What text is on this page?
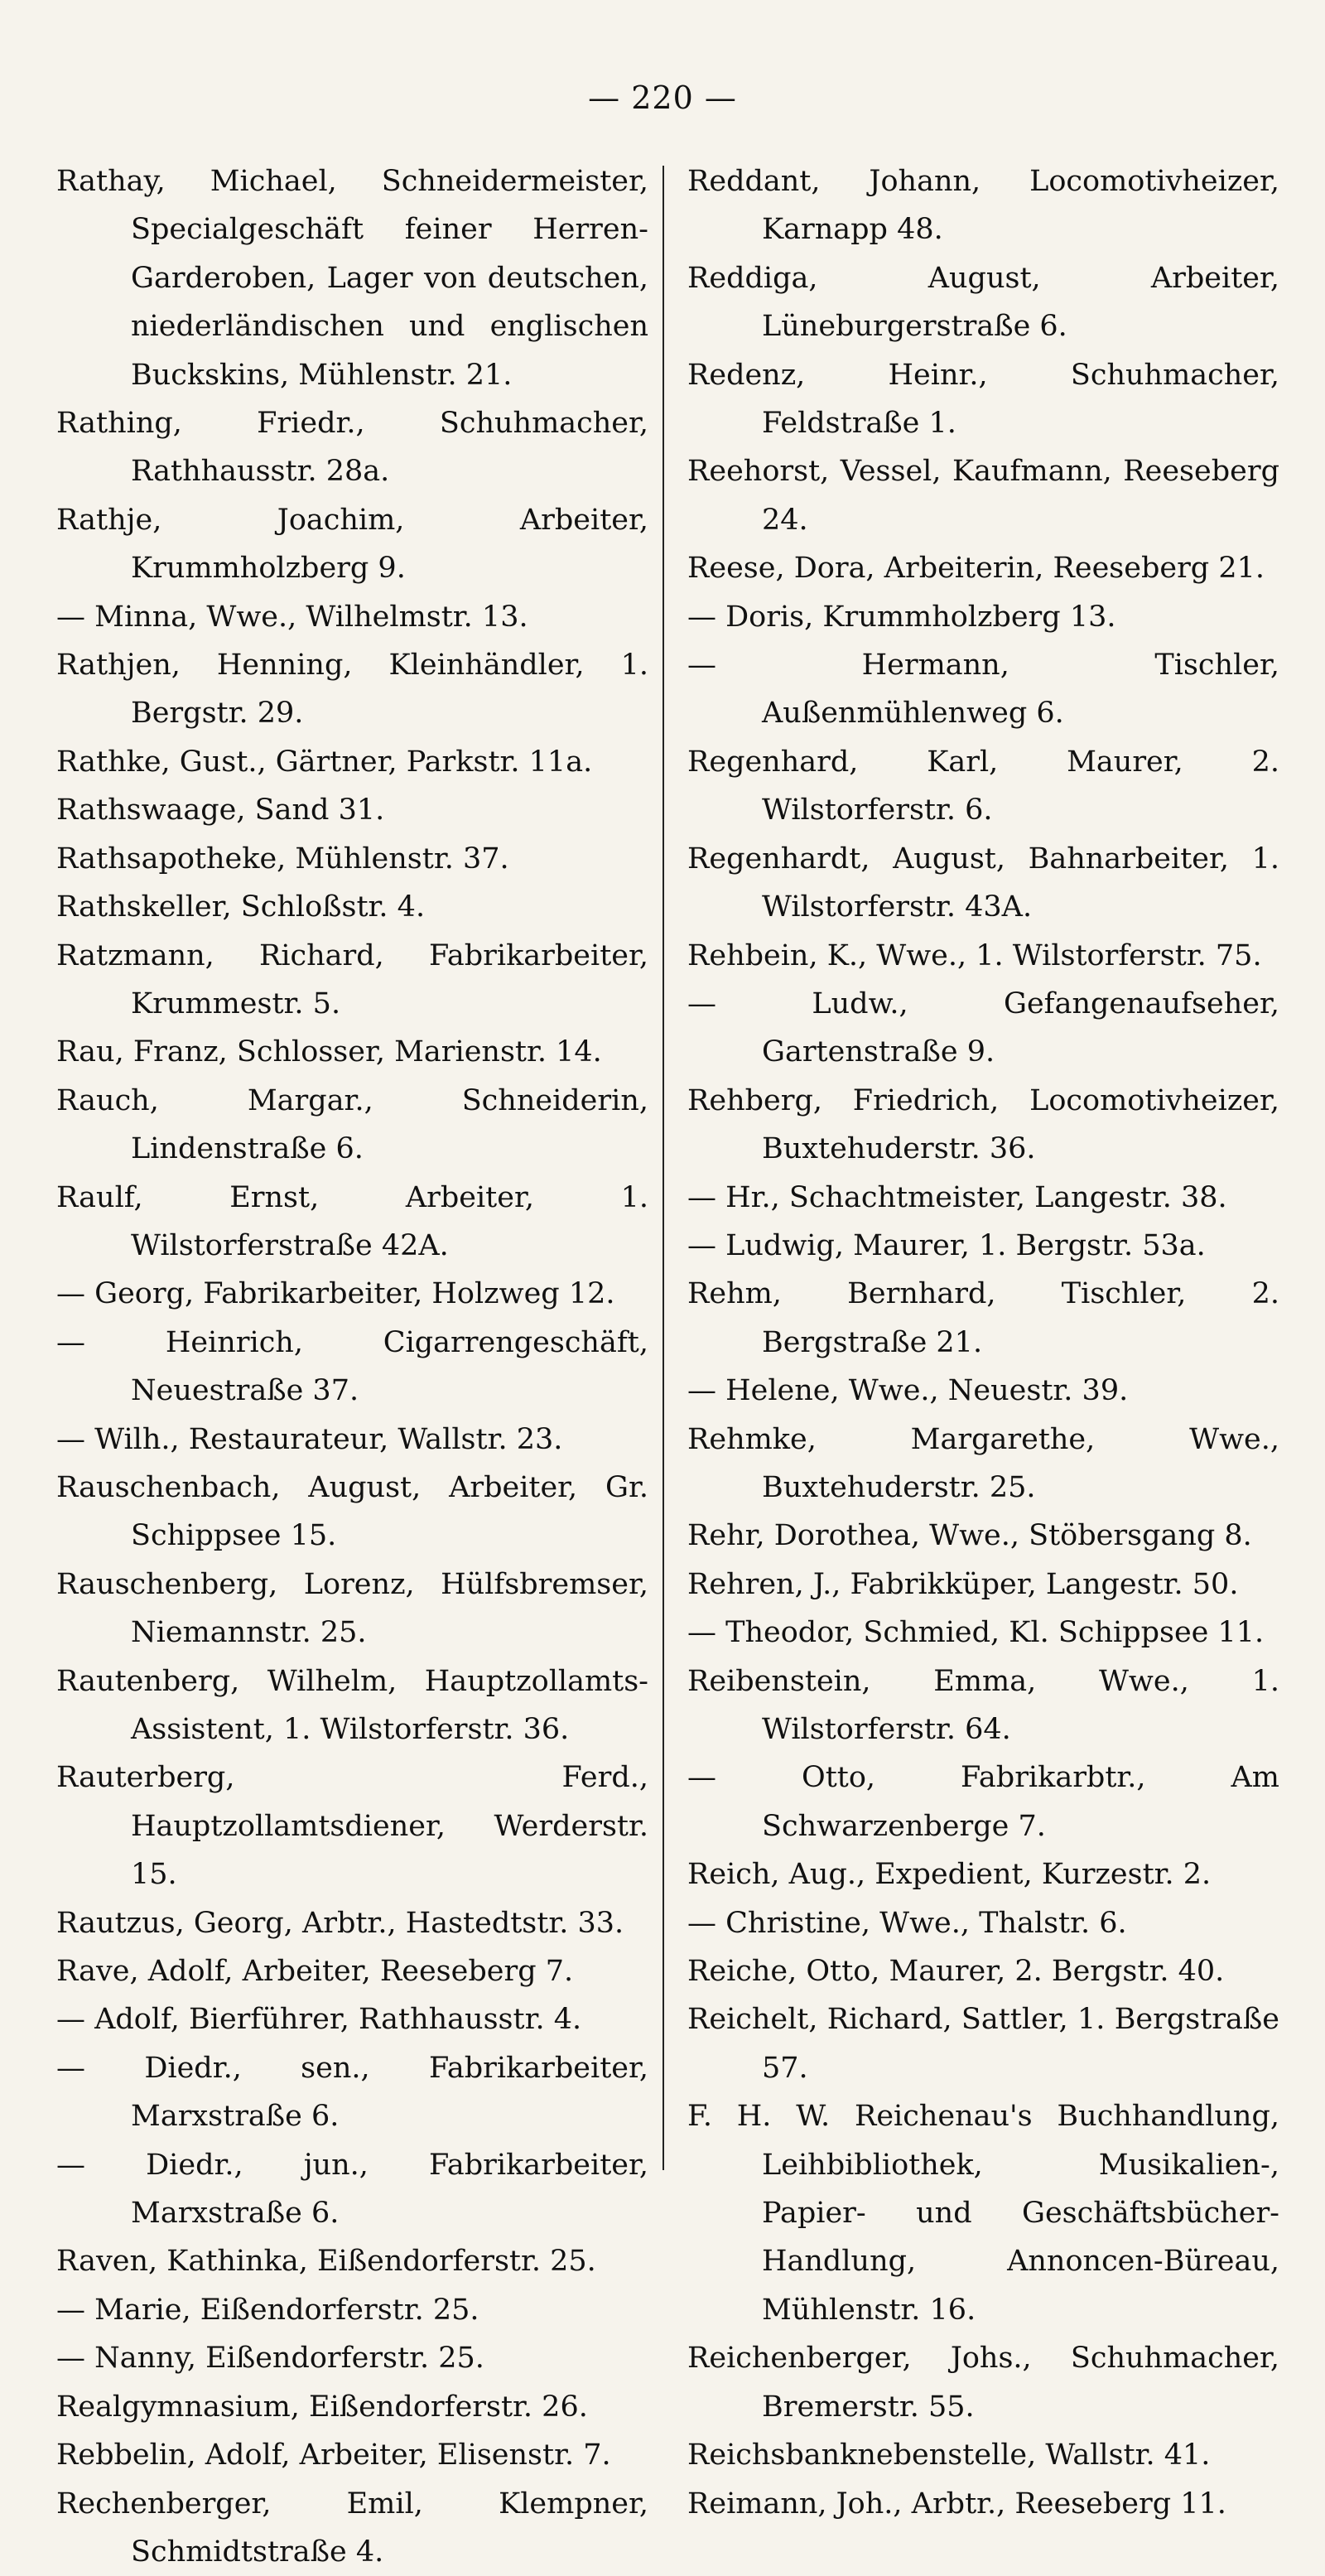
— 220 —
Rathay, Michael, Schneidermeister, Specialgeschäft feiner Herren-Garderoben, Lager von deutschen, niederländischen und englischen Buckskins, Mühlenstr. 21.
Rathing, Friedr., Schuhmacher, Rathhausstr. 28a.
Rathje, Joachim, Arbeiter, Krummholzberg 9.
— Minna, Wwe., Wilhelmstr. 13.
Rathjen, Henning, Kleinhändler, 1. Bergstr. 29.
Rathke, Gust., Gärtner, Parkstr. 11a.
Rathswaage, Sand 31.
Rathsapotheke, Mühlenstr. 37.
Rathskeller, Schloßstr. 4.
Ratzmann, Richard, Fabrikarbeiter, Krummestr. 5.
Rau, Franz, Schlosser, Marienstr. 14.
Rauch, Margar., Schneiderin, Lindenstraße 6.
Raulf, Ernst, Arbeiter, 1. Wilstorferstraße 42A.
— Georg, Fabrikarbeiter, Holzweg 12.
— Heinrich, Cigarrengeschäft, Neuestraße 37.
— Wilh., Restaurateur, Wallstr. 23.
Rauschenbach, August, Arbeiter, Gr. Schippsee 15.
Rauschenberg, Lorenz, Hülfsbremser, Niemannstr. 25.
Rautenberg, Wilhelm, Hauptzollamts-Assistent, 1. Wilstorferstr. 36.
Rauterberg, Ferd., Hauptzollamtsdiener, Werderstr. 15.
Rautzus, Georg, Arbtr., Hastedtstr. 33.
Rave, Adolf, Arbeiter, Reeseberg 7.
— Adolf, Bierführer, Rathhausstr. 4.
— Diedr., sen., Fabrikarbeiter, Marxstraße 6.
— Diedr., jun., Fabrikarbeiter, Marxstraße 6.
Raven, Kathinka, Eißendorferstr. 25.
— Marie, Eißendorferstr. 25.
— Nanny, Eißendorferstr. 25.
Realgymnasium, Eißendorferstr. 26.
Rebbelin, Adolf, Arbeiter, Elisenstr. 7.
Rechenberger, Emil, Klempner, Schmidtstraße 4.
Reddant, Johann, Locomotivheizer, Karnapp 48.
Reddiga, August, Arbeiter, Lüneburgerstraße 6.
Redenz, Heinr., Schuhmacher, Feldstraße 1.
Reehorst, Vessel, Kaufmann, Reeseberg 24.
Reese, Dora, Arbeiterin, Reeseberg 21.
— Doris, Krummholzberg 13.
— Hermann, Tischler, Außenmühlenweg 6.
Regenhard, Karl, Maurer, 2. Wilstorferstr. 6.
Regenhardt, August, Bahnarbeiter, 1. Wilstorferstr. 43A.
Rehbein, K., Wwe., 1. Wilstorferstr. 75.
— Ludw., Gefangenaufseher, Gartenstraße 9.
Rehberg, Friedrich, Locomotivheizer, Buxtehuderstr. 36.
— Hr., Schachtmeister, Langestr. 38.
— Ludwig, Maurer, 1. Bergstr. 53a.
Rehm, Bernhard, Tischler, 2. Bergstraße 21.
— Helene, Wwe., Neuestr. 39.
Rehmke, Margarethe, Wwe., Buxtehuderstr. 25.
Rehr, Dorothea, Wwe., Stöbersgang 8.
Rehren, J., Fabrikküper, Langestr. 50.
— Theodor, Schmied, Kl. Schippsee 11.
Reibenstein, Emma, Wwe., 1. Wilstorferstr. 64.
— Otto, Fabrikarbtr., Am Schwarzenberge 7.
Reich, Aug., Expedient, Kurzestr. 2.
— Christine, Wwe., Thalstr. 6.
Reiche, Otto, Maurer, 2. Bergstr. 40.
Reichelt, Richard, Sattler, 1. Bergstraße 57.
F. H. W. Reichenau's Buchhandlung, Leihbibliothek, Musikalien-, Papier- und Geschäftsbücher-Handlung, Annoncen-Büreau, Mühlenstr. 16.
Reichenberger, Johs., Schuhmacher, Bremerstr. 55.
Reichsbanknebenstelle, Wallstr. 41.
Reimann, Joh., Arbtr., Reeseberg 11.
